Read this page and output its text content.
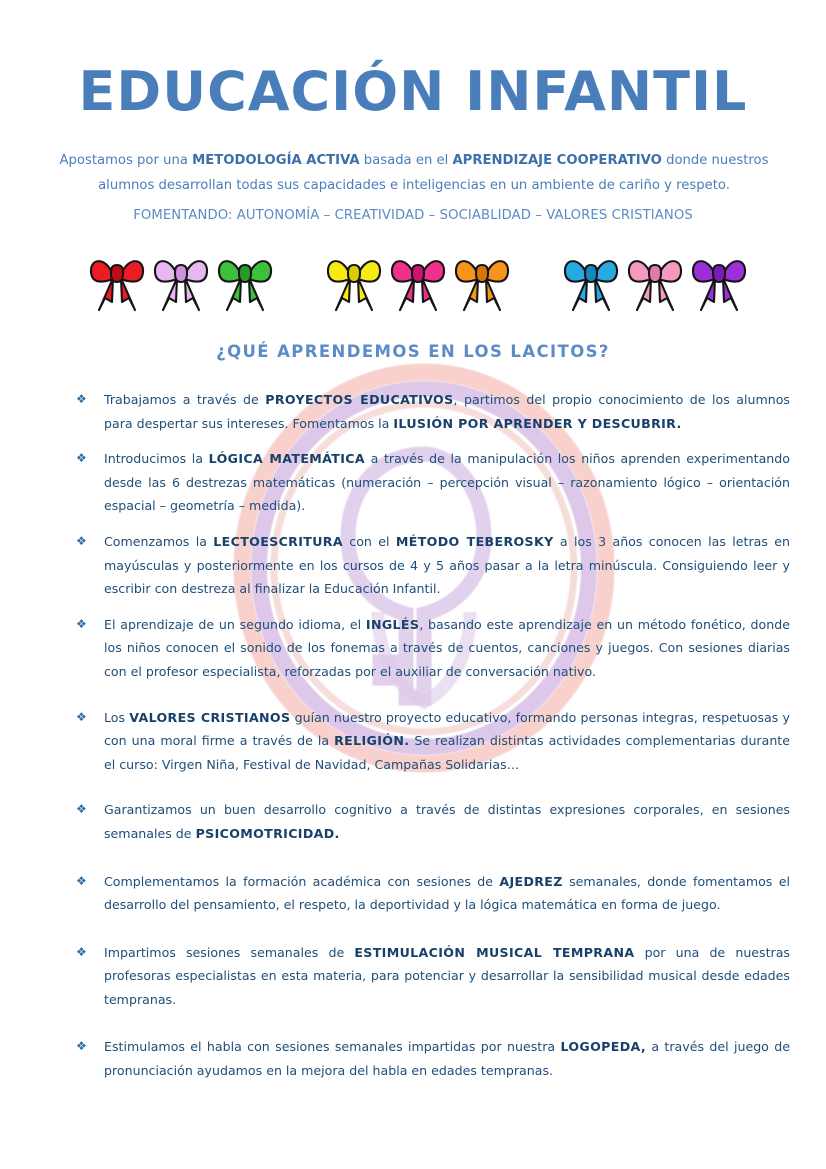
EDUCACIÓN INFANTIL
Apostamos por una METODOLOGÍA ACTIVA basada en el APRENDIZAJE COOPERATIVO donde nuestros alumnos desarrollan todas sus capacidades e inteligencias en un ambiente de cariño y respeto.
FOMENTANDO: AUTONOMÍA – CREATIVIDAD – SOCIABLIDAD – VALORES CRISTIANOS
¿QUÉ APRENDEMOS EN LOS LACITOS?
❖ Trabajamos a través de PROYECTOS EDUCATIVOS, partimos del propio conocimiento de los alumnos para despertar sus intereses. Fomentamos la ILUSIÓN POR APRENDER Y DESCUBRIR.
❖ Introducimos la LÓGICA MATEMÁTICA a través de la manipulación los niños aprenden experimentando desde las 6 destrezas matemáticas (numeración – percepción visual – razonamiento lógico – orientación espacial – geometría – medida).
❖ Comenzamos la LECTOESCRITURA con el MÉTODO TEBEROSKY a los 3 años conocen las letras en mayúsculas y posteriormente en los cursos de 4 y 5 años pasar a la letra minúscula. Consiguiendo leer y escribir con destreza al finalizar la Educación Infantil.
❖ El aprendizaje de un segundo idioma, el INGLÉS, basando este aprendizaje en un método fonético, donde los niños conocen el sonido de los fonemas a través de cuentos, canciones y juegos. Con sesiones diarias con el profesor especialista, reforzadas por el auxiliar de conversación nativo.
❖ Los VALORES CRISTIANOS guían nuestro proyecto educativo, formando personas integras, respetuosas y con una moral firme a través de la RELIGIÓN. Se realizan distintas actividades complementarias durante el curso: Virgen Niña, Festival de Navidad, Campañas Solidarias…
❖ Garantizamos un buen desarrollo cognitivo a través de distintas expresiones corporales, en sesiones semanales de PSICOMOTRICIDAD.
❖ Complementamos la formación académica con sesiones de AJEDREZ semanales, donde fomentamos el desarrollo del pensamiento, el respeto, la deportividad y la lógica matemática en forma de juego.
❖ Impartimos sesiones semanales de ESTIMULACIÓN MUSICAL TEMPRANA por una de nuestras profesoras especialistas en esta materia, para potenciar y desarrollar la sensibilidad musical desde edades tempranas.
❖ Estimulamos el habla con sesiones semanales impartidas por nuestra LOGOPEDA, a través del juego de pronunciación ayudamos en la mejora del habla en edades tempranas.
